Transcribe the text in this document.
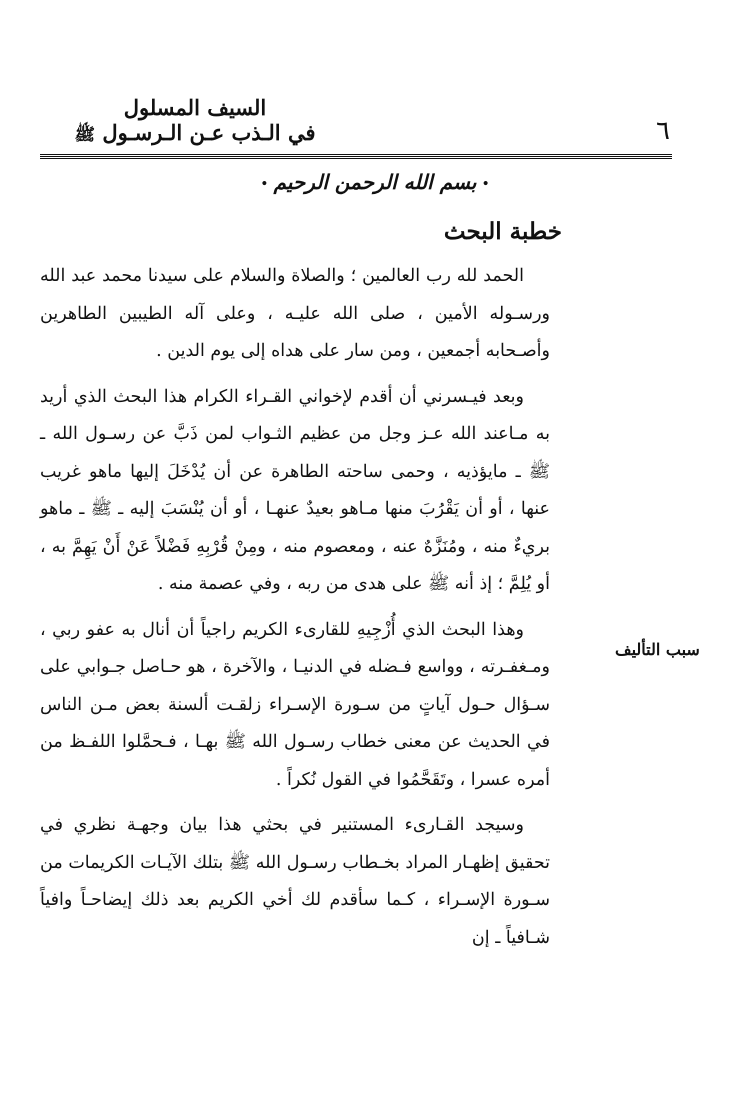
السيف المسلول
في الـذب عـن الـرسـول ﷺ	٦
• بسم الله الرحمن الرحيم •
خطبة البحث

الحمد لله رب العالمين ؛ والصلاة والسلام على سيدنا محمد عبد الله ورسـوله الأمين ، صلى الله عليـه ، وعلى آله الطيبين الطاهرين وأصـحابه أجمعين ، ومن سار على هداه إلى يوم الدين .

وبعد فيـسرني أن أقدم لإخواني القـراء الكرام هذا البحث الذي أريد به مـاعند الله عـز وجل من عظيم الثـواب لمن ذَبَّ عن رسـول الله ـ ﷺ ـ مايؤذيه ، وحمى ساحته الطاهرة عن أن يُدْخَلَ إليها ماهو غريب عنها ، أو أن يَقْرُبَ منها مـاهو بعيدٌ عنهـا ، أو أن يُنْسَبَ إليه ـ ﷺ ـ ماهو بريءٌ منه ، ومُنَزَّهٌ عنه ، ومعصوم منه ، ومِنْ قُرْبِهِ فَضْلاً عَنْ أَنْ يَهِمَّ به ، أو يُلِمَّ ؛ إذ أنه ﷺ على هدى من ربه ، وفي عصمة منه .

وهذا البحث الذي أُزْجِيهِ للقارىء الكريم راجياً أن أنال به عفو ربي ، ومـغفـرته ، وواسع فـضله في الدنيـا ، والآخرة ، هو حـاصل جـوابي على سـؤال حـول آياتٍ من سـورة الإسـراء زلقـت ألسنة بعض مـن الناس في الحديث عن معنى خطاب رسـول الله ﷺ بهـا ، فـحمَّلوا اللفـظ من أمره عسرا ، وتَقَحَّمُوا في القول نُكراً .

وسيجد القـارىء المستنير في بحثي هذا بيان وجهـة نظري في تحقيق إظهـار المراد بخـطاب رسـول الله ﷺ بتلك الآيـات الكريمات من سـورة الإسـراء ، كـما سأقدم لك أخي الكريم بعد ذلك إيضاحـاً وافياً شـافياً ـ إن

سبب التأليف
